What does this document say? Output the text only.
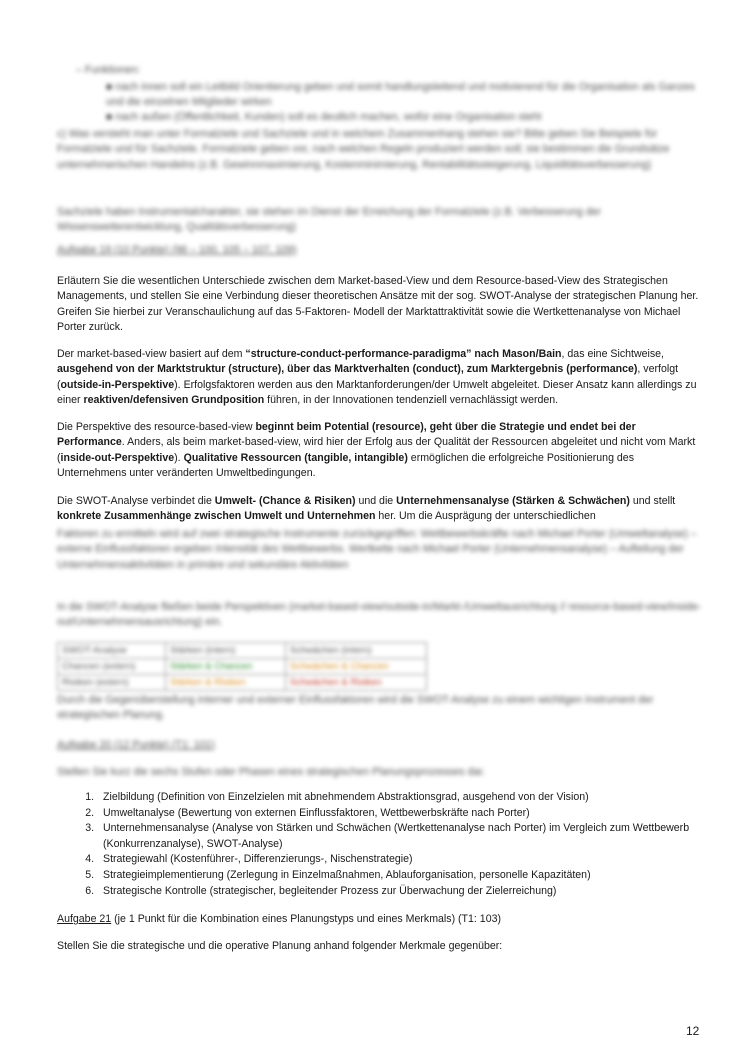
– Funktionen:
■ nach innen soll ein Leitbild Orientierung geben und somit handlungsleitend und motivierend für die Organisation als Ganzes und die einzelnen Mitglieder wirken
■ nach außen (Öffentlichkeit, Kunden) soll es deutlich machen, wofür eine Organisation steht
c) Was versteht man unter Formalziele und Sachziele und in welchem Zusammenhang stehen sie? Bitte geben Sie Beispiele für Formalziele und für Sachziele. Formalziele geben vor, nach welchen Regeln produziert werden soll; sie bestimmen die Grundsätze unternehmerischen Handelns (z.B. Gewinnmaximierung, Kostenminimierung, Rentabilitätssteigerung, Liquiditätsverbesserung)
Sachziele haben Instrumentalcharakter, sie stehen im Dienst der Erreichung der Formalziele (z.B. Verbesserung der Wissensweiterentwicklung, Qualitätsverbesserung)
Aufgabe 19 (10 Punkte) (96 – 100, 105 – 107, 109)

Erläutern Sie die wesentlichen Unterschiede zwischen dem Market-based-View und dem Resource-based-View des Strategischen Managements, und stellen Sie eine Verbindung dieser theoretischen Ansätze mit der sog. SWOT-Analyse der strategischen Planung her. Greifen Sie hierbei zur Veranschaulichung auf das 5-Faktoren- Modell der Marktattraktivität sowie die Wertkettenanalyse von Michael Porter zurück.

Der market-based-view basiert auf dem “structure-conduct-performance-paradigma” nach Mason/Bain, das eine Sichtweise, ausgehend von der Marktstruktur (structure), über das Marktverhalten (conduct), zum Marktergebnis (performance), verfolgt (outside-in-Perspektive). Erfolgsfaktoren werden aus den Marktanforderungen/der Umwelt abgeleitet. Dieser Ansatz kann allerdings zu einer reaktiven/defensiven Grundposition führen, in der Innovationen tendenziell vernachlässigt werden.

Die Perspektive des resource-based-view beginnt beim Potential (resource), geht über die Strategie und endet bei der Performance. Anders, als beim market-based-view, wird hier der Erfolg aus der Qualität der Ressourcen abgeleitet und nicht vom Markt (inside-out-Perspektive). Qualitative Ressourcen (tangible, intangible) ermöglichen die erfolgreiche Positionierung des Unternehmens unter veränderten Umweltbedingungen.

Die SWOT-Analyse verbindet die Umwelt- (Chance & Risiken) und die Unternehmensanalyse (Stärken & Schwächen) und stellt konkrete Zusammenhänge zwischen Umwelt und Unternehmen her. Um die Ausprägung der unterschiedlichen

Faktoren zu ermitteln wird auf zwei strategische Instrumente zurückgegriffen: Wettbewerbskräfte nach Michael Porter (Umweltanalyse) – externe Einflussfaktoren ergeben Intensität des Wettbewerbs. Wertkette nach Michael Porter (Unternehmensanalyse) – Aufteilung der Unternehmensaktivitäten in primäre und sekundäre Aktivitäten

In die SWOT-Analyse fließen beide Perspektiven (market-based-view/outside-in/Markt-/Umweltausrichtung // resource-based-view/inside-out/Unternehmensausrichtung) ein.

SWOT-Analyse	Stärken (intern)	Schwächen (intern)
Chancen (extern)	Stärken & Chancen	Schwächen & Chancen
Risiken (extern)	Stärken & Risiken	Schwächen & Risiken

Durch die Gegenüberstellung interner und externer Einflussfaktoren wird die SWOT-Analyse zu einem wichtigen Instrument der strategischen Planung.

Aufgabe 20 (12 Punkte) (T1: 101)

Stellen Sie kurz die sechs Stufen oder Phasen eines strategischen Planungsprozesses dar.

1. Zielbildung (Definition von Einzelzielen mit abnehmendem Abstraktionsgrad, ausgehend von der Vision)
2. Umweltanalyse (Bewertung von externen Einflussfaktoren, Wettbewerbskräfte nach Porter)
3. Unternehmensanalyse (Analyse von Stärken und Schwächen (Wertkettenanalyse nach Porter) im Vergleich zum Wettbewerb (Konkurrenzanalyse), SWOT-Analyse)
4. Strategiewahl (Kostenführer-, Differenzierungs-, Nischenstrategie)
5. Strategieimplementierung (Zerlegung in Einzelmaßnahmen, Ablauforganisation, personelle Kapazitäten)
6. Strategische Kontrolle (strategischer, begleitender Prozess zur Überwachung der Zielerreichung)

Aufgabe 21 (je 1 Punkt für die Kombination eines Planungstyps und eines Merkmals) (T1: 103)

Stellen Sie die strategische und die operative Planung anhand folgender Merkmale gegenüber:

12
